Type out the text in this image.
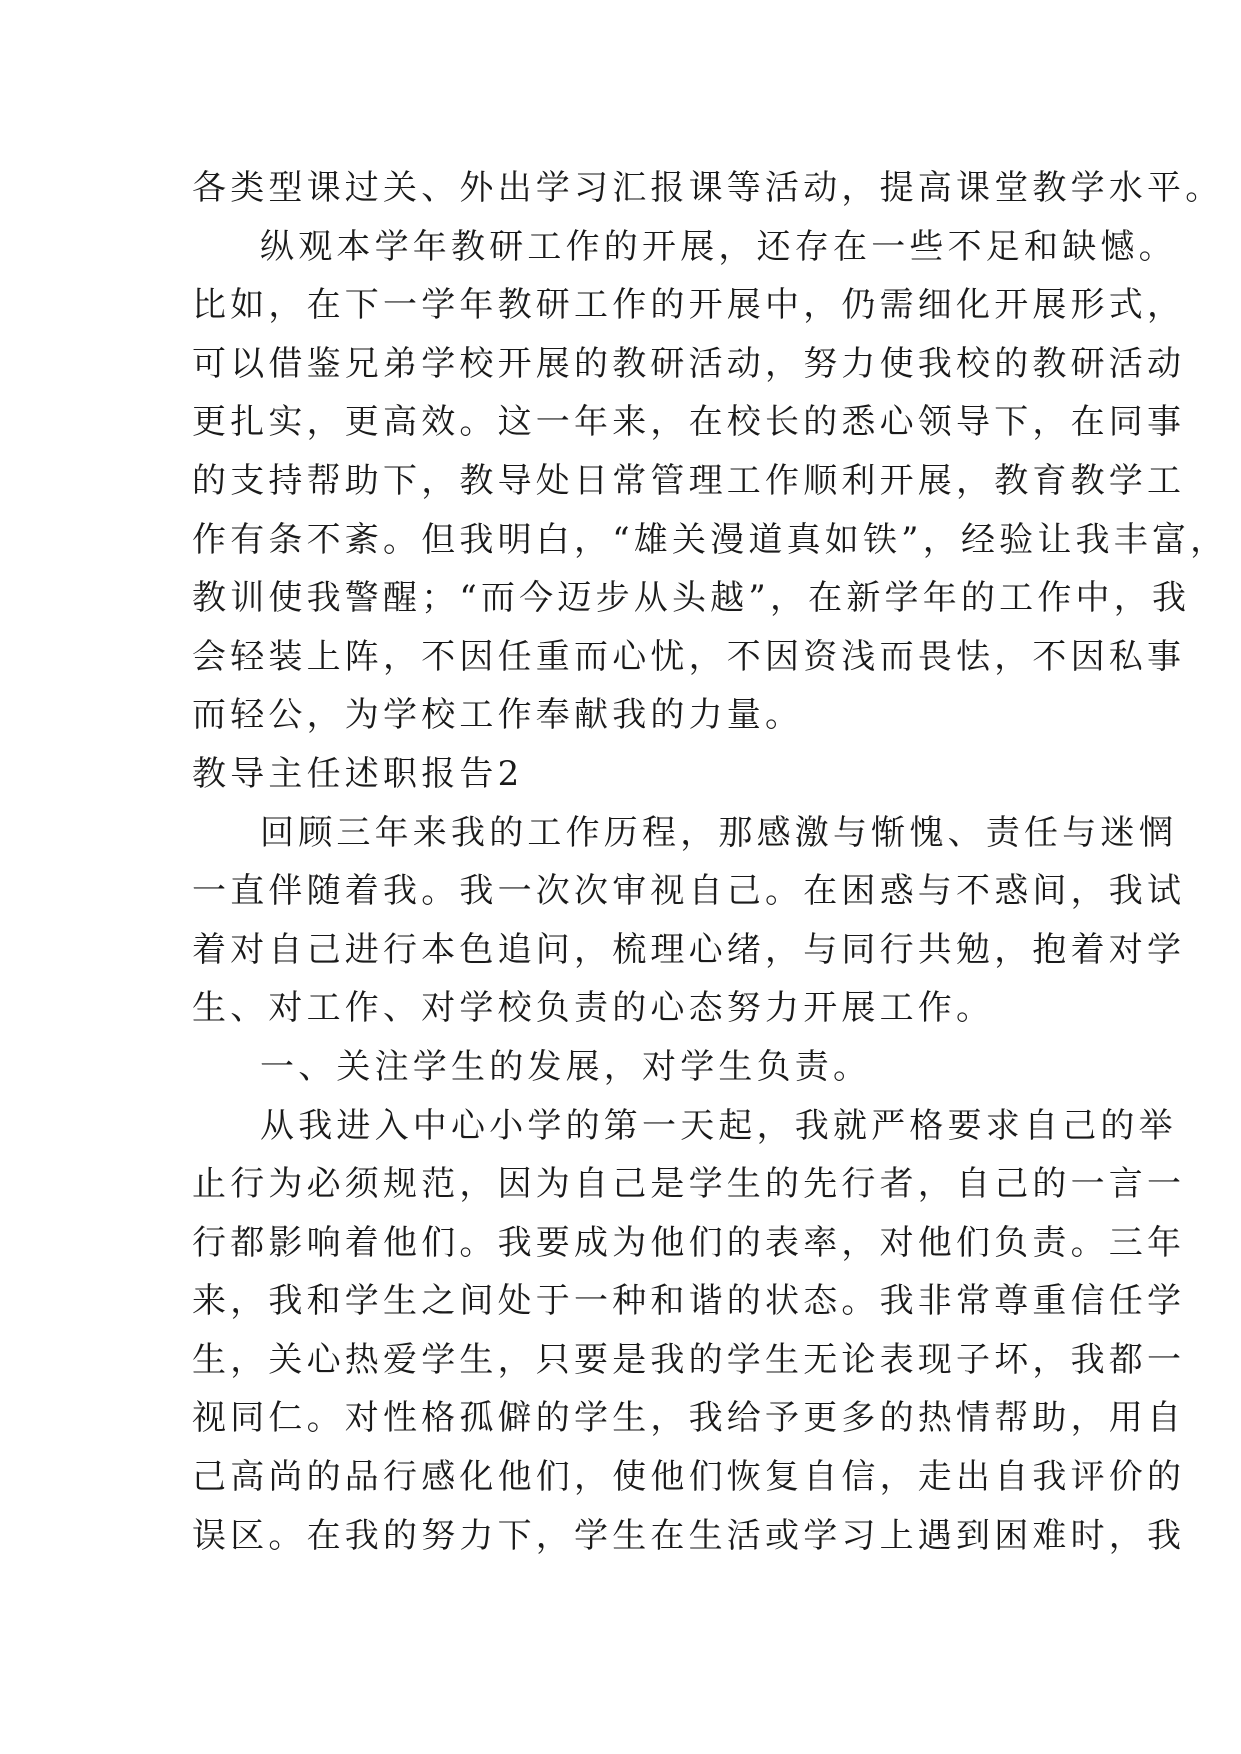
各类型课过关、外出学习汇报课等活动，提高课堂教学水平。
纵观本学年教研工作的开展，还存在一些不足和缺憾。
比如，在下一学年教研工作的开展中，仍需细化开展形式，
可以借鉴兄弟学校开展的教研活动，努力使我校的教研活动
更扎实，更高效。这一年来，在校长的悉心领导下，在同事
的支持帮助下，教导处日常管理工作顺利开展，教育教学工
作有条不紊。但我明白，“雄关漫道真如铁”，经验让我丰富，
教训使我警醒；“而今迈步从头越”，在新学年的工作中，我
会轻装上阵，不因任重而心忧，不因资浅而畏怯，不因私事
而轻公，为学校工作奉献我的力量。
教导主任述职报告2
回顾三年来我的工作历程，那感激与惭愧、责任与迷惘
一直伴随着我。我一次次审视自己。在困惑与不惑间，我试
着对自己进行本色追问，梳理心绪，与同行共勉，抱着对学
生、对工作、对学校负责的心态努力开展工作。
一、关注学生的发展，对学生负责。
从我进入中心小学的第一天起，我就严格要求自己的举
止行为必须规范，因为自己是学生的先行者，自己的一言一
行都影响着他们。我要成为他们的表率，对他们负责。三年
来，我和学生之间处于一种和谐的状态。我非常尊重信任学
生，关心热爱学生，只要是我的学生无论表现子坏，我都一
视同仁。对性格孤僻的学生，我给予更多的热情帮助，用自
己高尚的品行感化他们，使他们恢复自信，走出自我评价的
误区。在我的努力下，学生在生活或学习上遇到困难时，我
